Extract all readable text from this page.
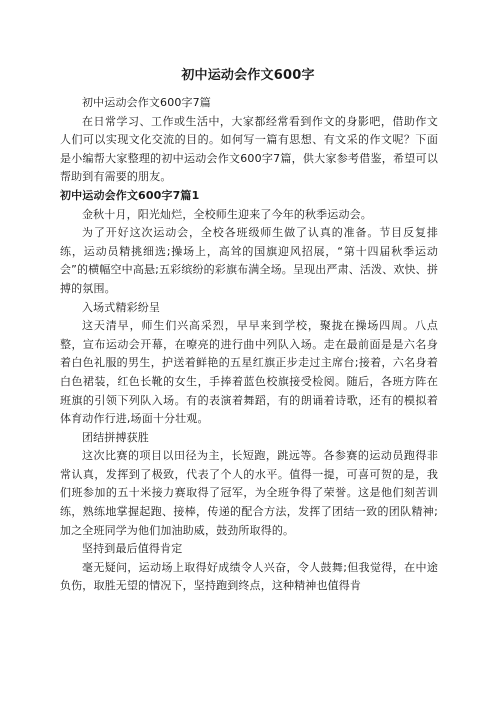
初中运动会作文600字

初中运动会作文600字7篇

在日常学习、工作或生活中，大家都经常看到作文的身影吧，借助作文人们可以实现文化交流的目的。如何写一篇有思想、有文采的作文呢？下面是小编帮大家整理的初中运动会作文600字7篇，供大家参考借鉴，希望可以帮助到有需要的朋友。

初中运动会作文600字7篇1

金秋十月，阳光灿烂，全校师生迎来了今年的秋季运动会。

为了开好这次运动会，全校各班级师生做了认真的准备。节目反复排练，运动员精挑细选;操场上，高耸的国旗迎风招展，“第十四届秋季运动会”的横幅空中高悬;五彩缤纷的彩旗布满全场。呈现出严肃、活泼、欢快、拼搏的氛围。

入场式精彩纷呈

这天清早，师生们兴高采烈，早早来到学校，聚拢在操场四周。八点整，宣布运动会开幕，在嘹亮的进行曲中列队入场。走在最前面是是六名身着白色礼服的男生，护送着鲜艳的五星红旗正步走过主席台;接着，六名身着白色裙装，红色长靴的女生，手捧着蓝色校旗接受检阅。随后，各班方阵在班旗的引领下列队入场。有的表演着舞蹈，有的朗诵着诗歌，还有的模拟着体育动作行进,场面十分壮观。

团结拼搏获胜

这次比赛的项目以田径为主，长短跑，跳远等。各参赛的运动员跑得非常认真，发挥到了极致，代表了个人的水平。值得一提，可喜可贺的是，我们班参加的五十米接力赛取得了冠军，为全班争得了荣誉。这是他们刻苦训练，熟练地掌握起跑、接棒，传递的配合方法，发挥了团结一致的团队精神;加之全班同学为他们加油助威，鼓劲所取得的。

坚持到最后值得肯定

毫无疑问，运动场上取得好成绩令人兴奋，令人鼓舞;但我觉得，在中途负伤，取胜无望的情况下，坚持跑到终点，这种精神也值得肯
